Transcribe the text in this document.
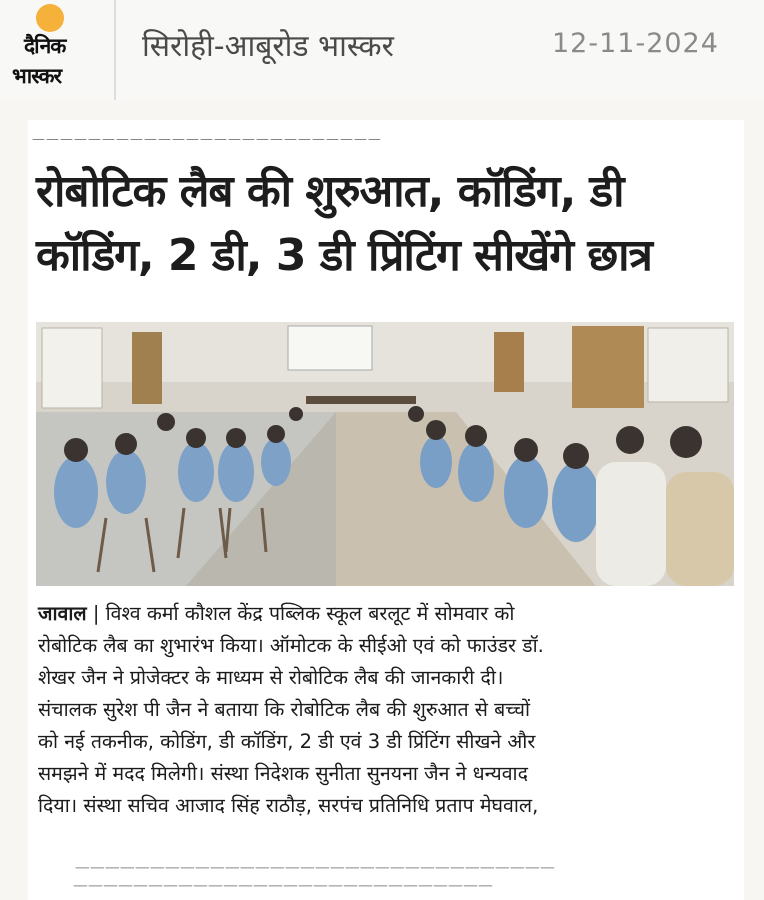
दैनिक
भास्कर
सिरोही-आबूरोड भास्कर	12-11-2024
—————————————————————————
रोबोटिक लैब की शुरुआत, कॉडिंग, डी
कॉडिंग, 2 डी, 3 डी प्रिंटिंग सीखेंगे छात्र

जावाल | विश्व कर्मा कौशल केंद्र पब्लिक स्कूल बरलूट में सोमवार को

रोबोटिक लैब का शुभारंभ किया। ऑमोटक के सीईओ एवं को फाउंडर डॉ.

शेखर जैन ने प्रोजेक्टर के माध्यम से रोबोटिक लैब की जानकारी दी।

संचालक सुरेश पी जैन ने बताया कि रोबोटिक लैब की शुरुआत से बच्चों

को नई तकनीक, कोडिंग, डी कॉडिंग, 2 डी एवं 3 डी प्रिंटिंग सीखने और

समझने में मदद मिलेगी। संस्था निदेशक सुनीता सुनयना जैन ने धन्यवाद

दिया। संस्था सचिव आजाद सिंह राठौड़, सरपंच प्रतिनिधि प्रताप मेघवाल,

————————————————————————————————

————————————————————————————
